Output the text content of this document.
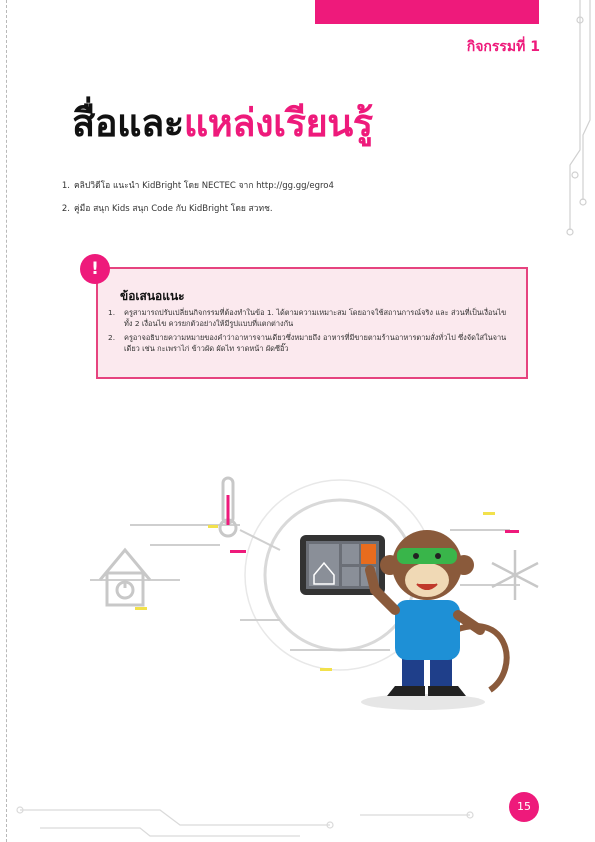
กิจกรรมที่ 1
สื่อและแหล่งเรียนรู้
1. คลิปวิดีโอ แนะนำ KidBright โดย NECTEC จาก http://gg.gg/egro4
2. คู่มือ สนุก Kids สนุก Code กับ KidBright โดย สวทช.
ข้อเสนอแนะ
1.	ครูสามารถปรับเปลี่ยนกิจกรรมที่ต้องทำในข้อ 1. ได้ตามความเหมาะสม โดยอาจใช้สถานการณ์จริง และ ส่วนที่เป็นเงื่อนไขทั้ง 2 เงื่อนไข ควรยกตัวอย่างให้มีรูปแบบที่แตกต่างกัน
2.	ครูอาจอธิบายความหมายของคำว่าอาหารจานเดียวซึ่งหมายถึง อาหารที่มีขายตามร้านอาหารตามสั่งทั่วไป ซึ่งจัดใส่ในจานเดียว เช่น กะเพราไก่ ข้าวผัด ผัดไท ราดหน้า ผัดซีอิ๊ว
!
15
